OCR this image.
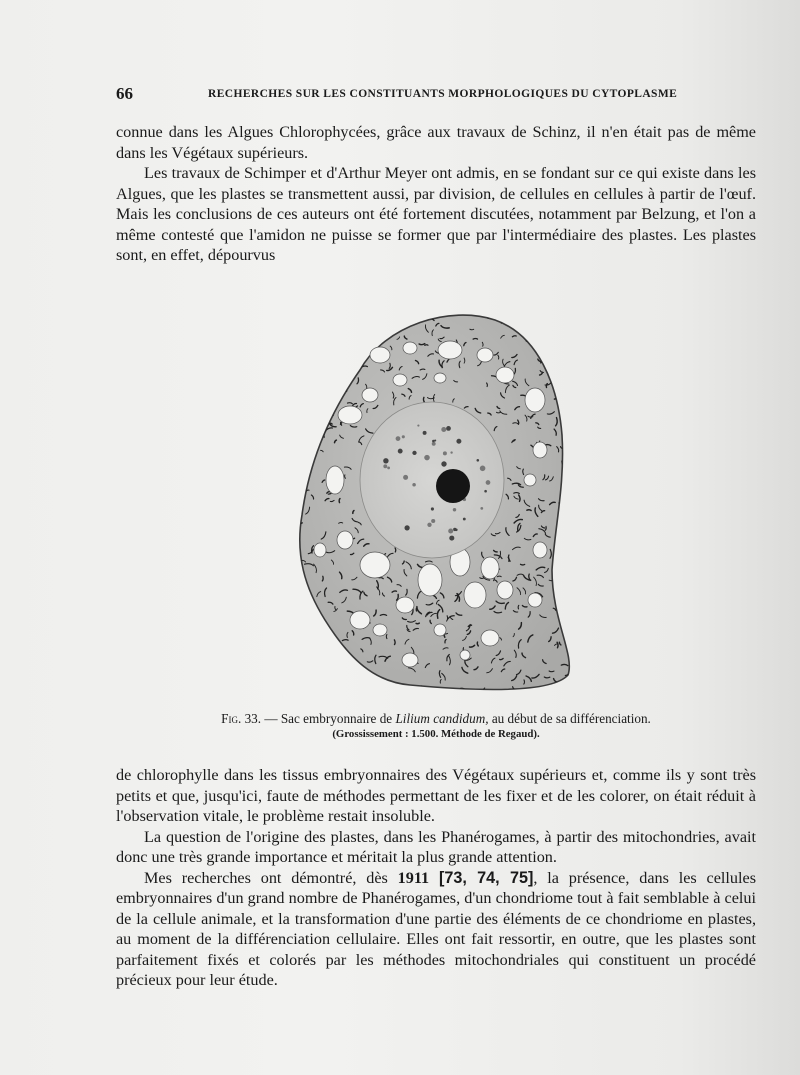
66	RECHERCHES SUR LES CONSTITUANTS MORPHOLOGIQUES DU CYTOPLASME

connue dans les Algues Chlorophycées, grâce aux travaux de Schinz, il n'en était pas de même dans les Végétaux supérieurs.

Les travaux de Schimper et d'Arthur Meyer ont admis, en se fondant sur ce qui existe dans les Algues, que les plastes se transmettent aussi, par division, de cellules en cellules à partir de l'œuf. Mais les conclusions de ces auteurs ont été fortement discutées, notamment par Belzung, et l'on a même contesté que l'amidon ne puisse se former que par l'intermédiaire des plastes. Les plastes sont, en effet, dépourvus

Fig. 33. — Sac embryonnaire de Lilium candidum, au début de sa différenciation.
(Grossissement : 1.500. Méthode de Regaud).

de chlorophylle dans les tissus embryonnaires des Végétaux supérieurs et, comme ils y sont très petits et que, jusqu'ici, faute de méthodes permettant de les fixer et de les colorer, on était réduit à l'observation vitale, le problème restait insoluble.

La question de l'origine des plastes, dans les Phanérogames, à partir des mitochondries, avait donc une très grande importance et méritait la plus grande attention.

Mes recherches ont démontré, dès 1911 [73, 74, 75], la présence, dans les cellules embryonnaires d'un grand nombre de Phanérogames, d'un chondriome tout à fait semblable à celui de la cellule animale, et la transformation d'une partie des éléments de ce chondriome en plastes, au moment de la différenciation cellulaire. Elles ont fait ressortir, en outre, que les plastes sont parfaitement fixés et colorés par les méthodes mitochondriales qui constituent un procédé précieux pour leur étude.
